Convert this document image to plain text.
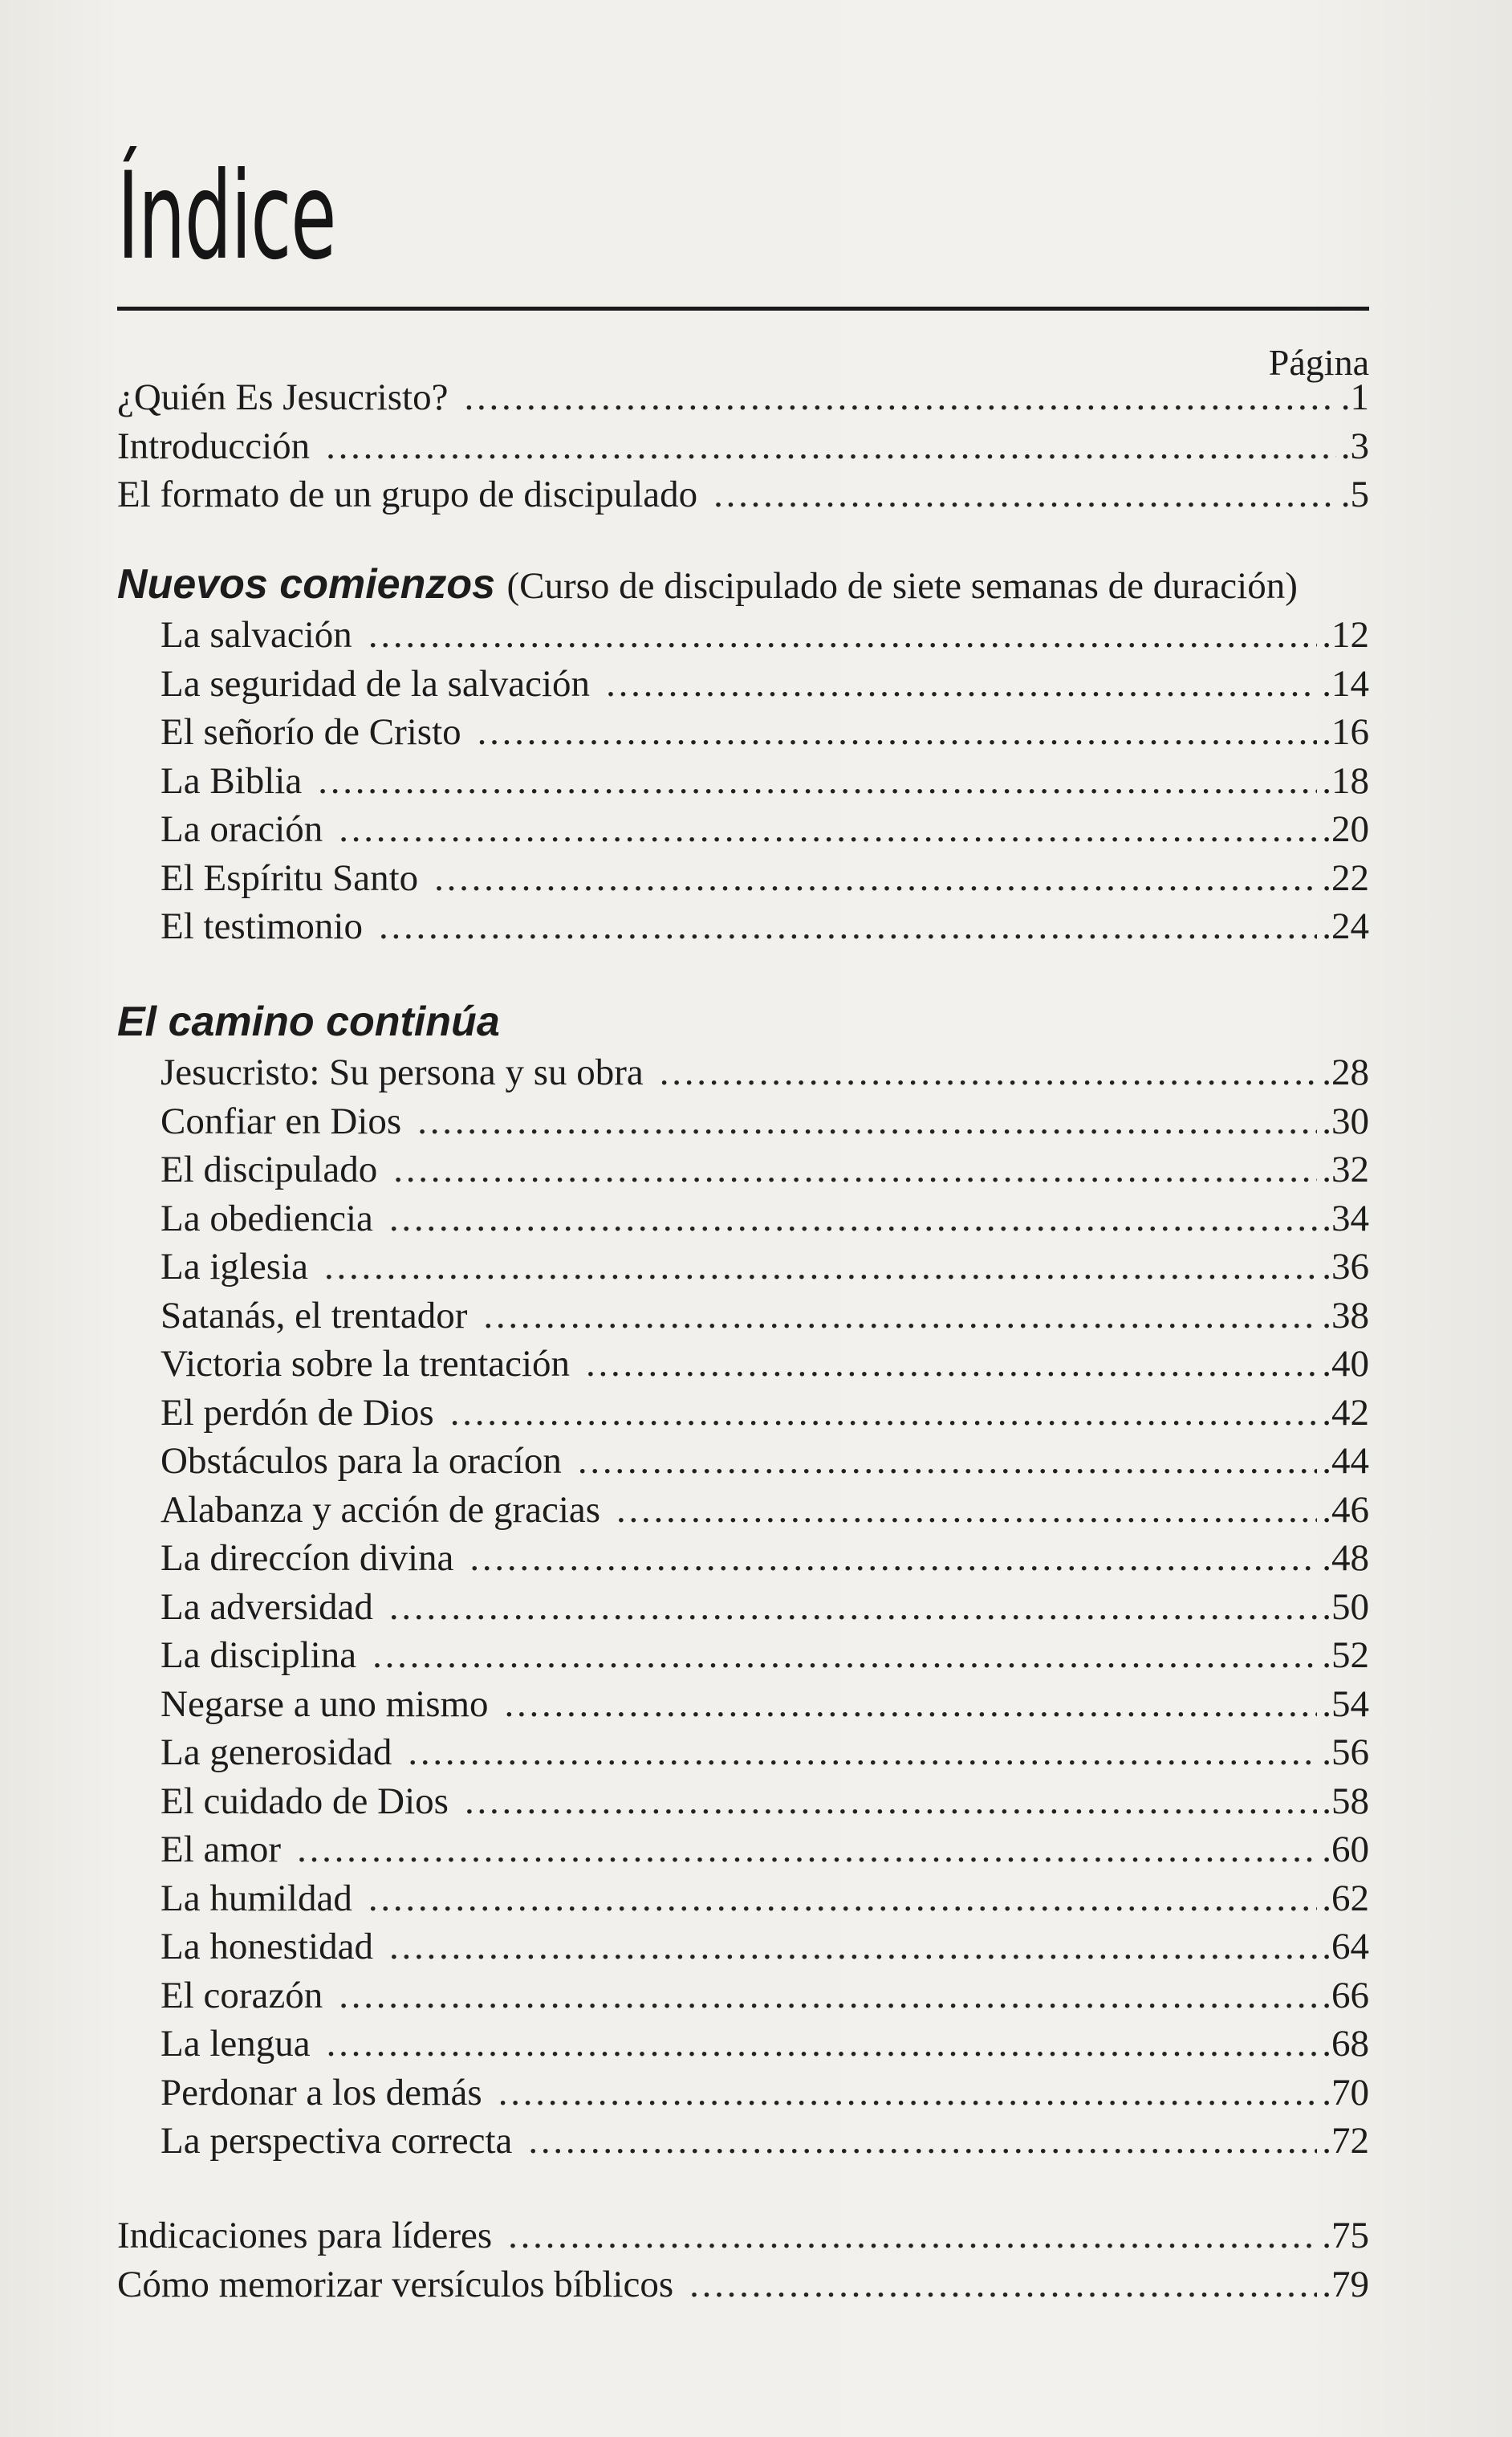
Índice
Página
¿Quién Es Jesucristo? . . .	.1
Introducción . . .	.3
El formato de un grupo de discipulado . . .	.5
Nuevos comienzos (Curso de discipulado de siete semanas de duración)
La salvación . . .	.12
La seguridad de la salvación . . .	.14
El señorío de Cristo . . .	.16
La Biblia . . .	.18
La oración . . .	.20
El Espíritu Santo . . .	.22
El testimonio . . .	.24
El camino continúa
Jesucristo: Su persona y su obra . . .	.28
Confiar en Dios . . .	.30
El discipulado . . .	.32
La obediencia . . .	.34
La iglesia . . .	.36
Satanás, el trentador . . .	.38
Victoria sobre la trentación . . .	.40
El perdón de Dios . . .	.42
Obstáculos para la oracíon . . .	.44
Alabanza y acción de gracias . . .	.46
La direccíon divina . . .	.48
La adversidad . . .	.50
La disciplina . . .	.52
Negarse a uno mismo . . .	.54
La generosidad . . .	.56
El cuidado de Dios . . .	.58
El amor . . .	.60
La humildad . . .	.62
La honestidad . . .	.64
El corazón . . .	.66
La lengua . . .	.68
Perdonar a los demás . . .	.70
La perspectiva correcta . . .	.72
Indicaciones para líderes . . .	.75
Cómo memorizar versículos bíblicos . . .	.79
